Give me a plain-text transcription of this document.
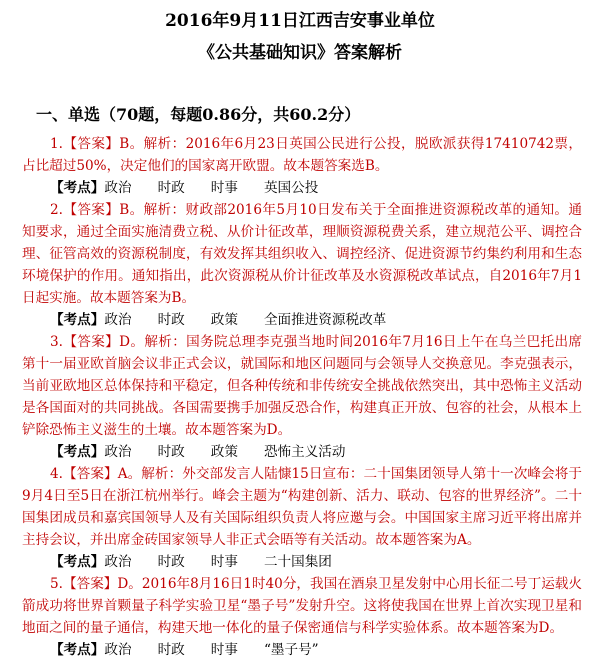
2016年9月11日江西吉安事业单位
《公共基础知识》答案解析
一、单选（70题，每题0.86分，共60.2分）

1.【答案】B。解析：2016年6月23日英国公民进行公投，脱欧派获得17410742票，占比超过50%，决定他们的国家离开欧盟。故本题答案选B。

【考点】政治 时政 时事 英国公投

2.【答案】B。解析：财政部2016年5月10日发布关于全面推进资源税改革的通知。通知要求，通过全面实施清费立税、从价计征改革，理顺资源税费关系，建立规范公平、调控合理、征管高效的资源税制度，有效发挥其组织收入、调控经济、促进资源节约集约利用和生态环境保护的作用。通知指出，此次资源税从价计征改革及水资源税改革试点，自2016年7月1日起实施。故本题答案为B。

【考点】政治 时政 政策 全面推进资源税改革

3.【答案】D。解析：国务院总理李克强当地时间2016年7月16日上午在乌兰巴托出席第十一届亚欧首脑会议非正式会议，就国际和地区问题同与会领导人交换意见。李克强表示，当前亚欧地区总体保持和平稳定，但各种传统和非传统安全挑战依然突出，其中恐怖主义活动是各国面对的共同挑战。各国需要携手加强反恐合作，构建真正开放、包容的社会，从根本上铲除恐怖主义滋生的土壤。故本题答案为D。

【考点】政治 时政 政策 恐怖主义活动

4.【答案】A。解析：外交部发言人陆慷15日宣布：二十国集团领导人第十一次峰会将于9月4日至5日在浙江杭州举行。峰会主题为“构建创新、活力、联动、包容的世界经济”。二十国集团成员和嘉宾国领导人及有关国际组织负责人将应邀与会。中国国家主席习近平将出席并主持会议，并出席金砖国家领导人非正式会晤等有关活动。故本题答案为A。

【考点】政治 时政 时事 二十国集团

5.【答案】D。2016年8月16日1时40分，我国在酒泉卫星发射中心用长征二号丁运载火箭成功将世界首颗量子科学实验卫星“墨子号”发射升空。这将使我国在世界上首次实现卫星和地面之间的量子通信，构建天地一体化的量子保密通信与科学实验体系。故本题答案为D。

【考点】政治 时政 时事 “墨子号”
